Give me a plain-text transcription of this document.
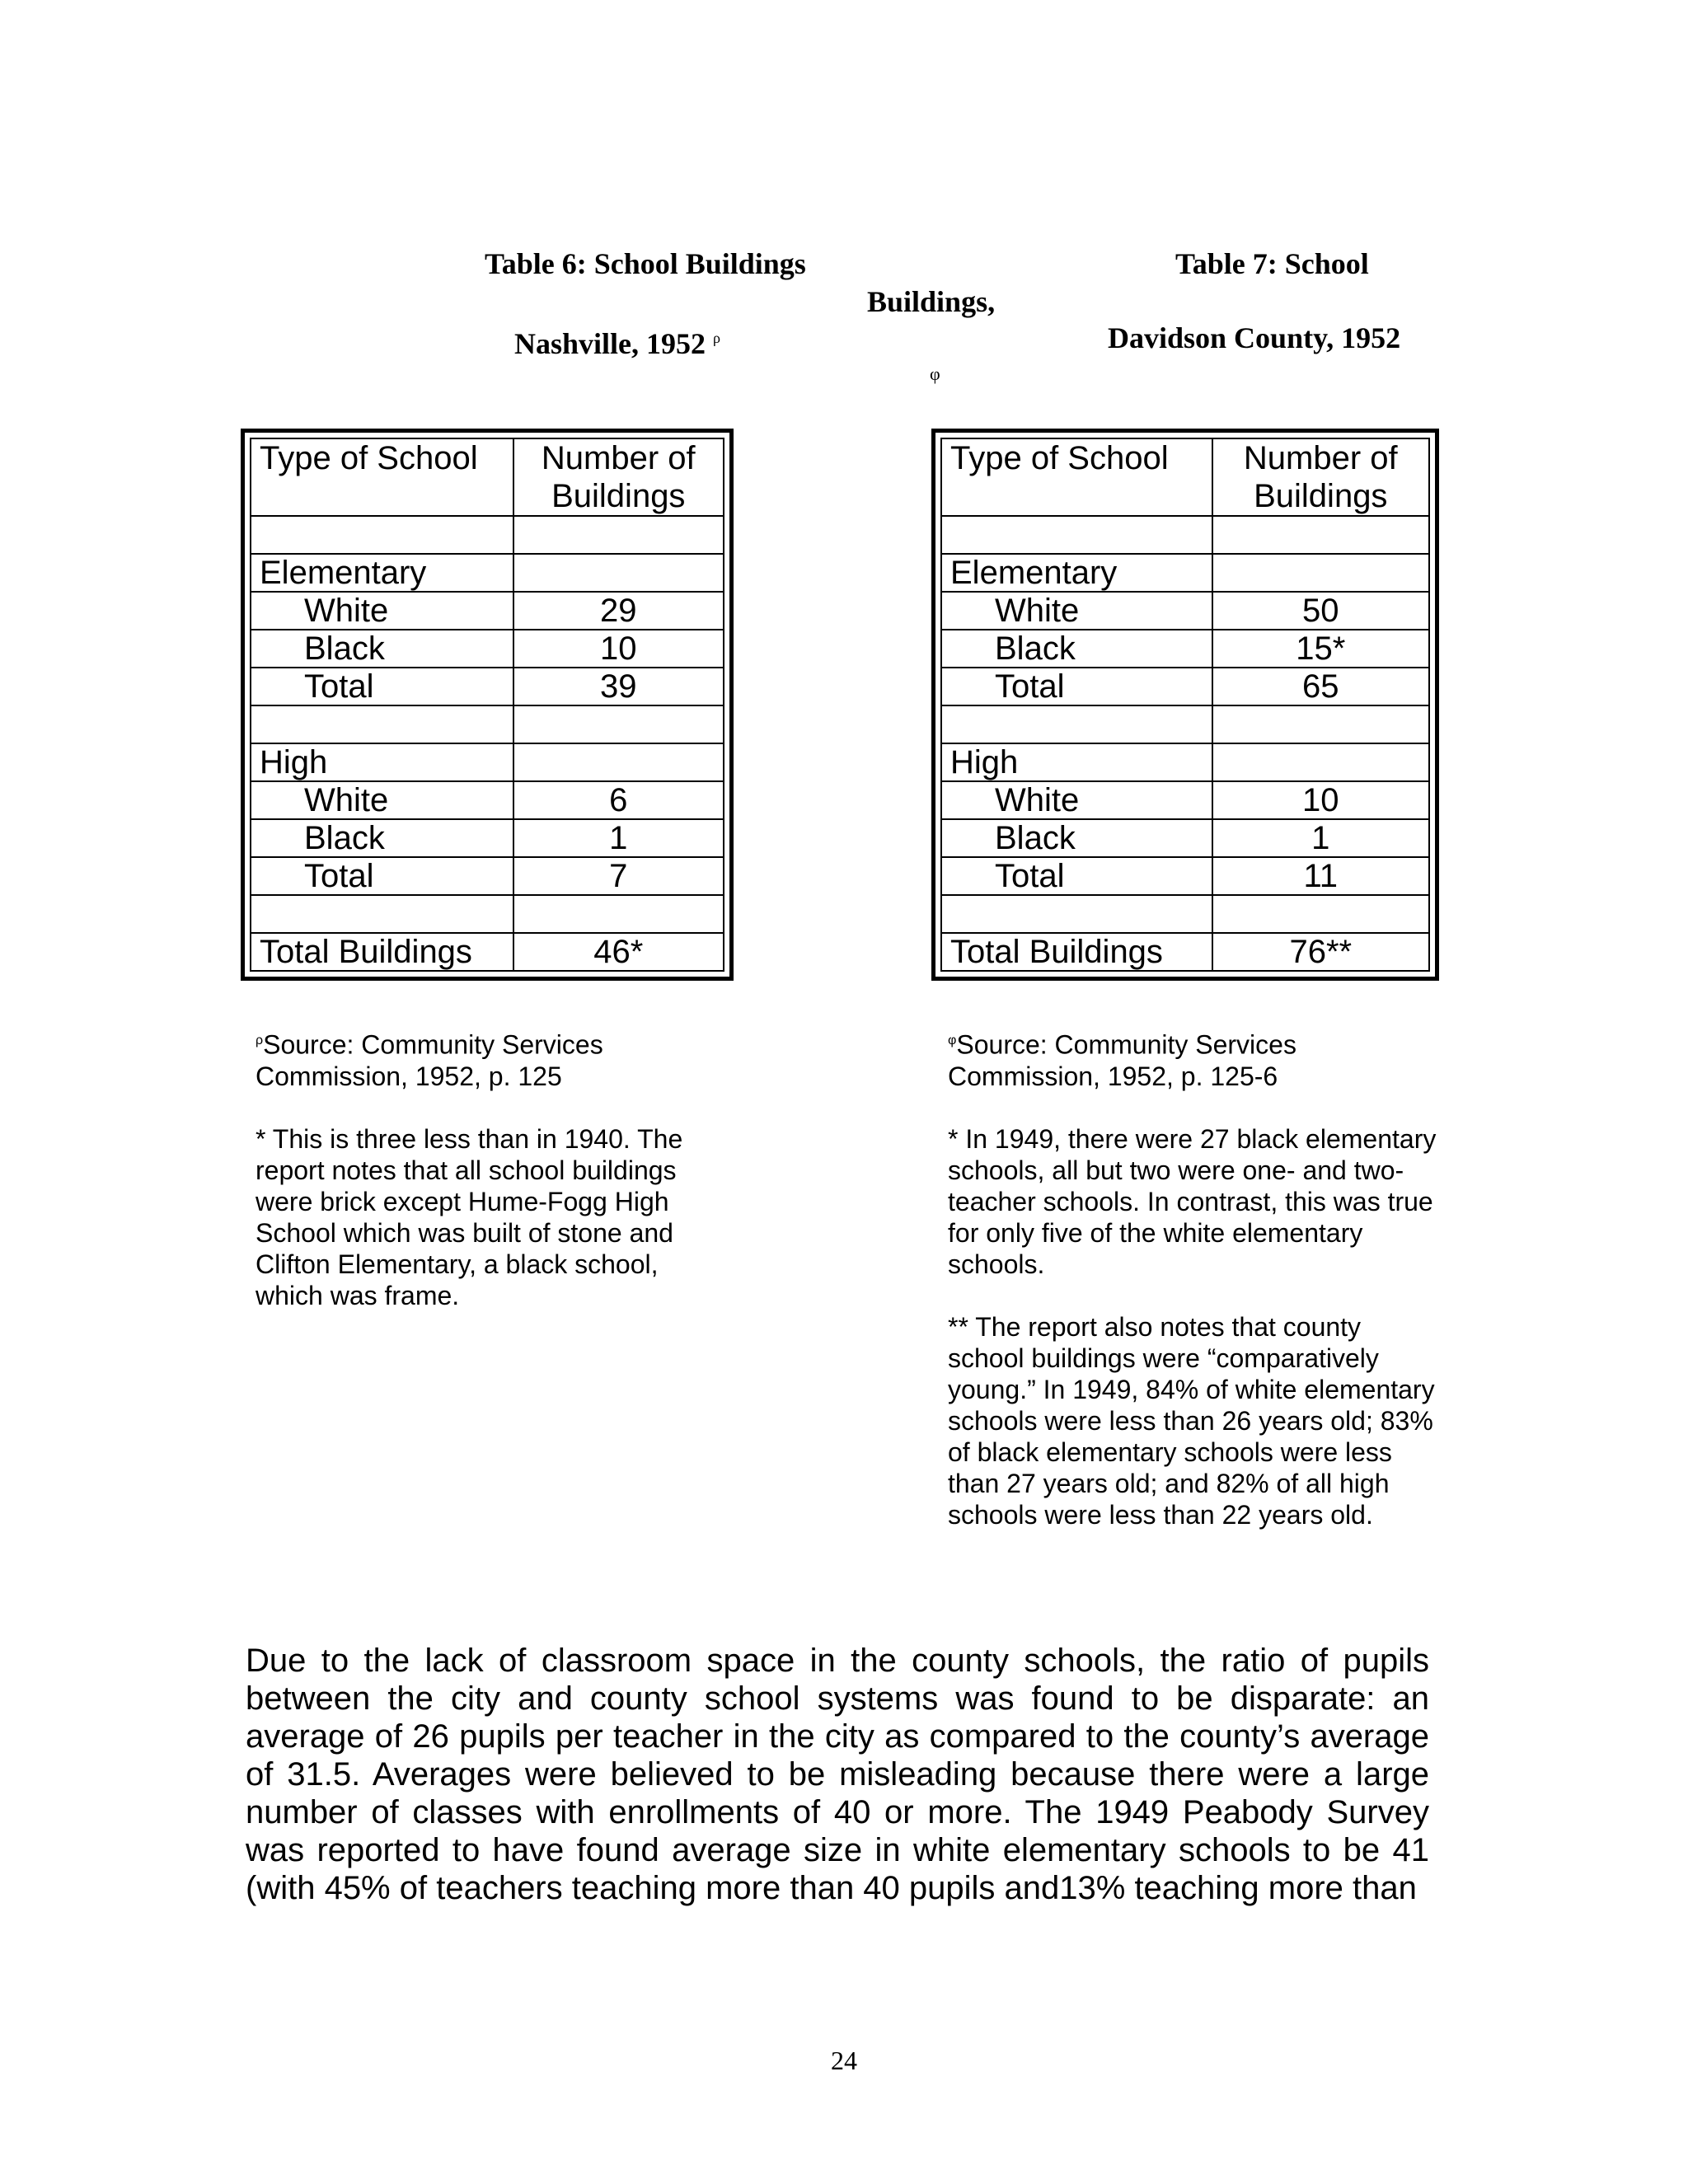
Table 6: School Buildings
Nashville, 1952 $^\rho$
Table 7: School
Buildings,
Davidson County, 1952
φ
Type of School	Number of Buildings

Elementary	
White	29
Black	10
Total	39

High	
White	6
Black	1
Total	7

Total Buildings	46*
Type of School	Number of Buildings

Elementary	
White	50
Black	15*
Total	65

High	
White	10
Black	1
Total	11

Total Buildings	76**

$^\rho$Source: Community Services Commission, 1952, p. 125

* This is three less than in 1940. The report notes that all school buildings were brick except Hume-Fogg High School which was built of stone and Clifton Elementary, a black school, which was frame.

$^\varphi$Source: Community Services Commission, 1952, p. 125-6

* In 1949, there were 27 black elementary schools, all but two were one- and two-teacher schools. In contrast, this was true for only five of the white elementary schools.

** The report also notes that county school buildings were “comparatively young.” In 1949, 84% of white elementary schools were less than 26 years old; 83% of black elementary schools were less than 27 years old; and 82% of all high schools were less than 22 years old.

Due to the lack of classroom space in the county schools, the ratio of pupils between the city and county school systems was found to be disparate: an average of 26 pupils per teacher in the city as compared to the county’s average of 31.5. Averages were believed to be misleading because there were a large number of classes with enrollments of 40 or more. The 1949 Peabody Survey was reported to have found average size in white elementary schools to be 41 (with 45% of teachers teaching more than 40 pupils and13% teaching more than
24
